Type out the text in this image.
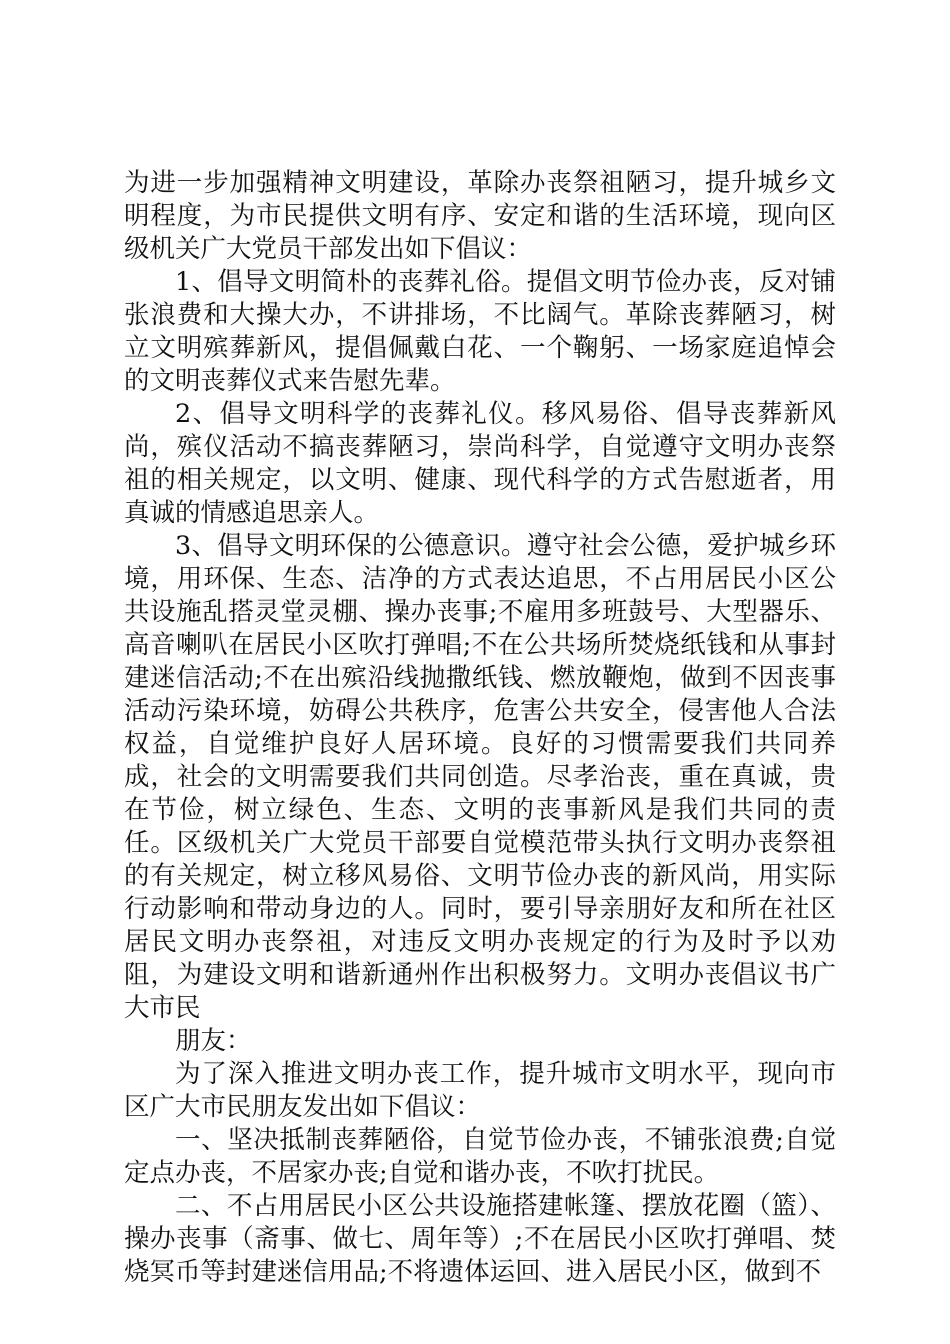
为进一步加强精神文明建设，革除办丧祭祖陋习，提升城乡文明程度，为市民提供文明有序、安定和谐的生活环境，现向区级机关广大党员干部发出如下倡议：

1、倡导文明简朴的丧葬礼俗。提倡文明节俭办丧，反对铺张浪费和大操大办，不讲排场，不比阔气。革除丧葬陋习，树立文明殡葬新风，提倡佩戴白花、一个鞠躬、一场家庭追悼会的文明丧葬仪式来告慰先辈。

2、倡导文明科学的丧葬礼仪。移风易俗、倡导丧葬新风尚，殡仪活动不搞丧葬陋习，崇尚科学，自觉遵守文明办丧祭祖的相关规定，以文明、健康、现代科学的方式告慰逝者，用真诚的情感追思亲人。

3、倡导文明环保的公德意识。遵守社会公德，爱护城乡环境，用环保、生态、洁净的方式表达追思，不占用居民小区公共设施乱搭灵堂灵棚、操办丧事;不雇用多班鼓号、大型器乐、高音喇叭在居民小区吹打弹唱;不在公共场所焚烧纸钱和从事封建迷信活动;不在出殡沿线抛撒纸钱、燃放鞭炮，做到不因丧事活动污染环境，妨碍公共秩序，危害公共安全，侵害他人合法权益，自觉维护良好人居环境。良好的习惯需要我们共同养成，社会的文明需要我们共同创造。尽孝治丧，重在真诚，贵在节俭，树立绿色、生态、文明的丧事新风是我们共同的责任。区级机关广大党员干部要自觉模范带头执行文明办丧祭祖的有关规定，树立移风易俗、文明节俭办丧的新风尚，用实际行动影响和带动身边的人。同时，要引导亲朋好友和所在社区居民文明办丧祭祖，对违反文明办丧规定的行为及时予以劝阻，为建设文明和谐新通州作出积极努力。文明办丧倡议书广大市民

朋友：

为了深入推进文明办丧工作，提升城市文明水平，现向市区广大市民朋友发出如下倡议：

一、坚决抵制丧葬陋俗，自觉节俭办丧，不铺张浪费;自觉定点办丧，不居家办丧;自觉和谐办丧，不吹打扰民。

二、不占用居民小区公共设施搭建帐篷、摆放花圈（篮）、操办丧事（斋事、做七、周年等）;不在居民小区吹打弹唱、焚烧冥币等封建迷信用品;不将遗体运回、进入居民小区，做到不
